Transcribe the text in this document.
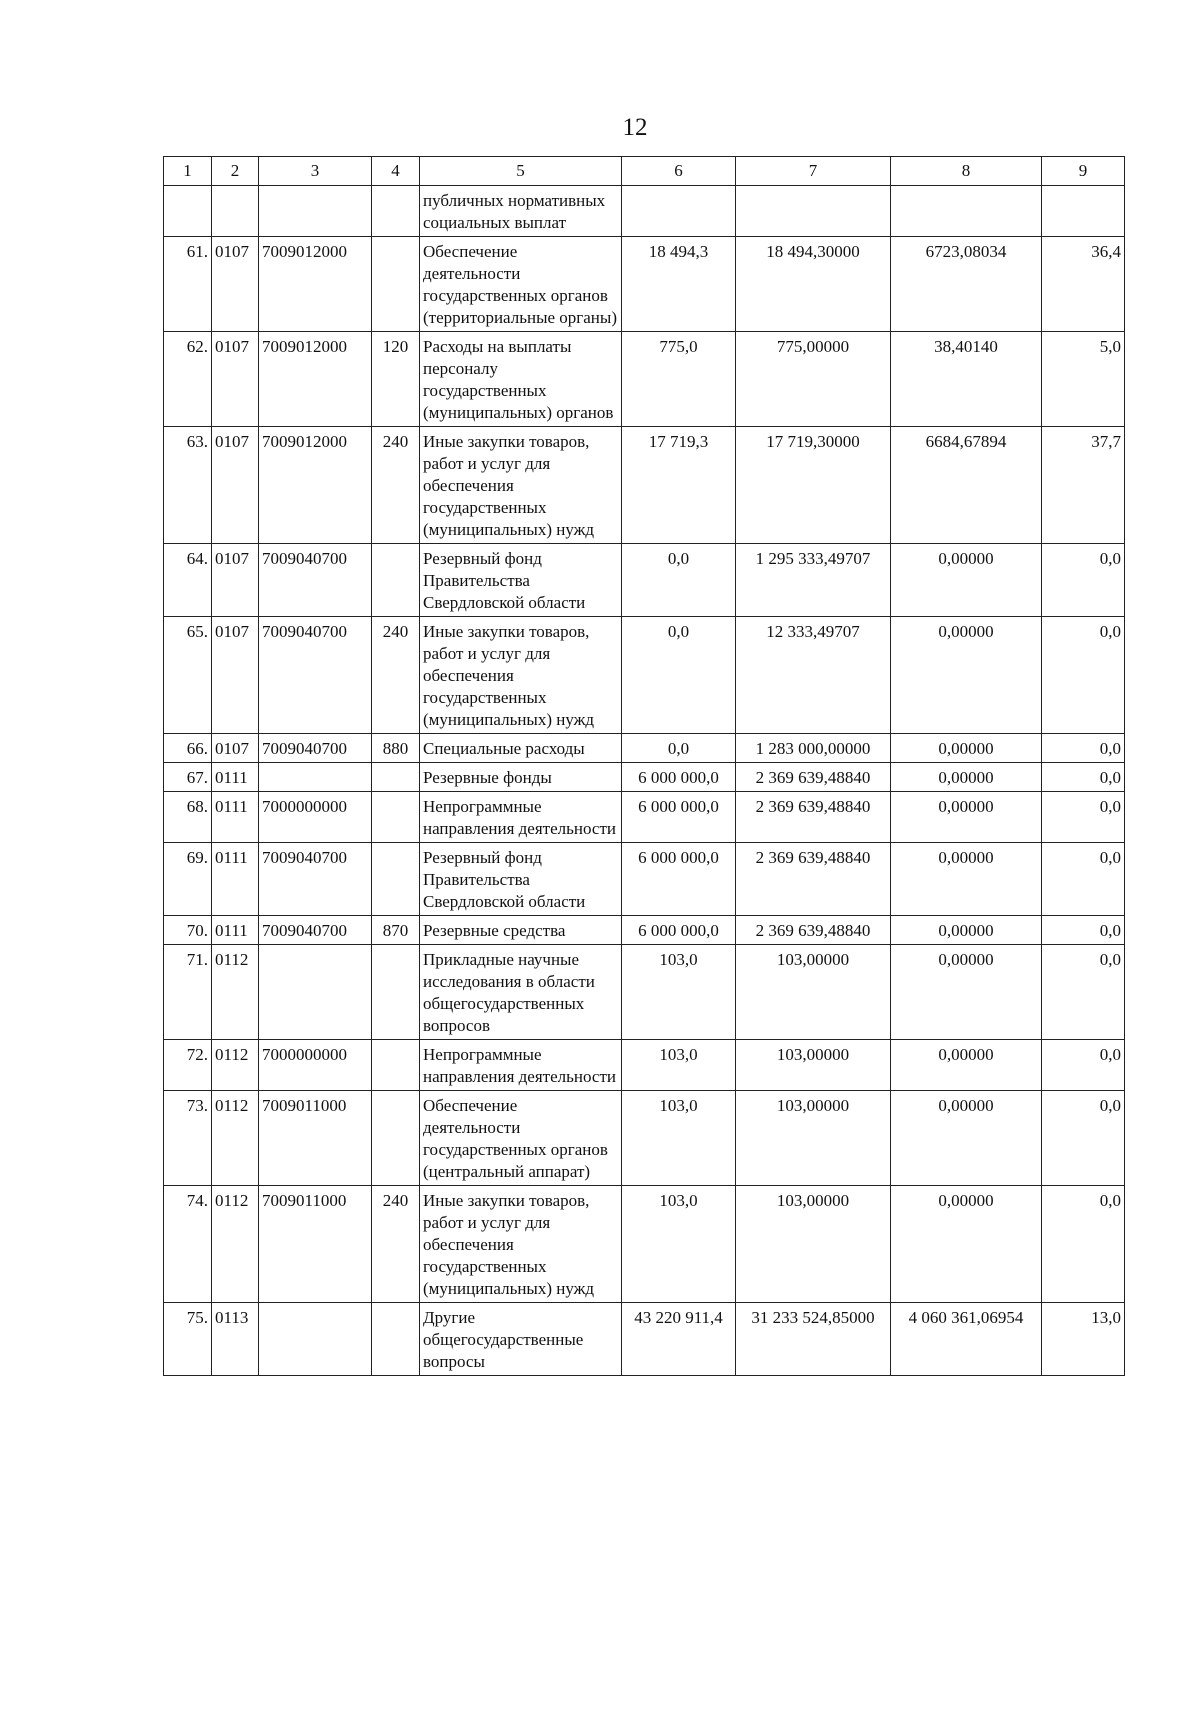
12
1	2	3	4	5	6	7	8	9
				публичных нормативных социальных выплат				
61.	0107	7009012000		Обеспечение деятельности государственных органов (территориальные органы)	18 494,3	18 494,30000	6723,08034	36,4
62.	0107	7009012000	120	Расходы на выплаты персоналу государственных (муниципальных) органов	775,0	775,00000	38,40140	5,0
63.	0107	7009012000	240	Иные закупки товаров, работ и услуг для обеспечения государственных (муниципальных) нужд	17 719,3	17 719,30000	6684,67894	37,7
64.	0107	7009040700		Резервный фонд Правительства Свердловской области	0,0	1 295 333,49707	0,00000	0,0
65.	0107	7009040700	240	Иные закупки товаров, работ и услуг для обеспечения государственных (муниципальных) нужд	0,0	12 333,49707	0,00000	0,0
66.	0107	7009040700	880	Специальные расходы	0,0	1 283 000,00000	0,00000	0,0
67.	0111			Резервные фонды	6 000 000,0	2 369 639,48840	0,00000	0,0
68.	0111	7000000000		Непрограммные направления деятельности	6 000 000,0	2 369 639,48840	0,00000	0,0
69.	0111	7009040700		Резервный фонд Правительства Свердловской области	6 000 000,0	2 369 639,48840	0,00000	0,0
70.	0111	7009040700	870	Резервные средства	6 000 000,0	2 369 639,48840	0,00000	0,0
71.	0112			Прикладные научные исследования в области общегосударственных вопросов	103,0	103,00000	0,00000	0,0
72.	0112	7000000000		Непрограммные направления деятельности	103,0	103,00000	0,00000	0,0
73.	0112	7009011000		Обеспечение деятельности государственных органов (центральный аппарат)	103,0	103,00000	0,00000	0,0
74.	0112	7009011000	240	Иные закупки товаров, работ и услуг для обеспечения государственных (муниципальных) нужд	103,0	103,00000	0,00000	0,0
75.	0113			Другие общегосударственные вопросы	43 220 911,4	31 233 524,85000	4 060 361,06954	13,0
